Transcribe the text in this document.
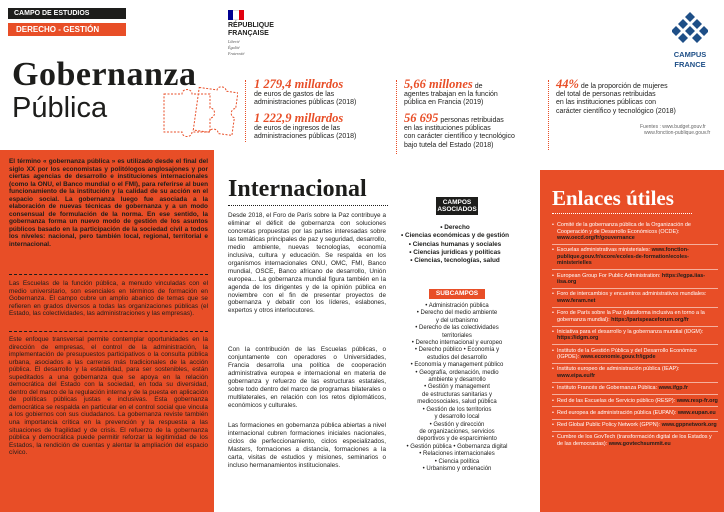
CAMPO DE ESTUDIOS
DERECHO - GESTIÓN
Gobernanza
Pública
RÉPUBLIQUE
FRANÇAISE
Liberté
Égalité
Fraternité	CAMPUS
FRANCE
1 279,4 millardos
de euros de gastos de las
administraciones públicas (2018)
1 222,9 millardos
de euros de ingresos de las
administraciones públicas (2018)
5,66 millones de
agentes trabajan en la función
pública en Francia (2019)
56 695 personas retribuidas
en las instituciones públicas
con carácter científico y tecnológico
bajo tutela del Estado (2018)
44% de la proporción de mujeres
del total de personas retribuidas
en las instituciones públicas con
carácter científico y tecnológico (2018)
Fuentes : www.budget.gouv.fr
www.fonction-publique.gouv.fr

El término « gobernanza pública » es utilizado desde el final del siglo XX por los economistas y politólogos anglosajones y por ciertas agencias de desarrollo e instituciones internacionales (como la ONU, el Banco mundial o el FMI), para referirse al buen funcionamiento de la institución y la calidad de su acción en el espacio social. La gobernanza luego fue asociada a la elaboración de nuevas técnicas de gobernanza y a un modo consensual de formulación de la norma. En ese sentido, la gobernanza forma un nuevo modo de gestión de los asuntos públicos basado en la participación de la sociedad civil a todos los niveles: nacional, pero también local, regional, territorial e internacional.

Las Escuelas de la función pública, a menudo vinculadas con el medio universitario, son esenciales en términos de formación en Gobernanza. El campo cubre un amplio abanico de temas que se refieren en grados diversos a todas las organizaciones públicas (el Estado, las colectividades, las administraciones y las empresas).

Este enfoque transversal permite contemplar oportunidades en la dirección de empresas, el control de la administración, la implementación de presupuestos participativos o la consulta pública urbana, asociados a las carreras más tradicionales de la acción pública. El desarrollo y la estabilidad, para ser sostenibles, están supeditados a una gobernanza que se apoya en la relación democrática del Estado con la sociedad, en toda su diversidad, dentro del marco de la regulación interna y de la puesta en aplicación de políticas públicas justas e inclusivas. Esta gobernanza democrática se respalda en particular en el control social que vincula a los gobiernos con sus ciudadanos. La gobernanza reviste también una importancia crítica en la prevención y la respuesta a las situaciones de fragilidad y de crisis. El refuerzo de la gobernanza pública y democrática puede permitir reforzar la legitimidad de los Estados, la rendición de cuentas y alentar la ampliación del espacio cívico.

Internacional

Desde 2018, el Foro de París sobre la Paz contribuye a eliminar el déficit de gobernanza con soluciones concretas propuestas por las partes interesadas sobre las temáticas principales de paz y seguridad, desarrollo, medio ambiente, nuevas tecnologías, economía inclusiva, cultura y educación. Se respalda en los organismos internacionales ONU, OMC, FMI, Banco mundial, OSCE, Banco africano de desarrollo, Unión europea... La gobernanza mundial figura también en la agenda de los dirigentes y de la opinión pública en noviembre con el fin de presentar proyectos de gobernanza y debatir con los líderes, eslabones, expertos y otros interlocutores.

Con la contribución de las Escuelas públicas, o conjuntamente con operadores o Universidades, Francia desarrolla una política de cooperación administrativa europea e internacional en materia de gobernanza y refuerzo de las estructuras estatales, sobre todo dentro del marco de programas bilaterales o multilaterales, en relación con los retos diplomáticos, económicos y culturales.

Las formaciones en gobernanza pública abiertas a nivel internacional cubren formaciones iniciales nacionales, ciclos de perfeccionamiento, ciclos especializados, Masters, formaciones a distancia, formaciones a la carta, visitas de estudios y misiones, seminarios o incluso hermanamientos institucionales.

CAMPOS
ASOCIADOS
• Derecho
• Ciencias económicas y de gestión
• Ciencias humanas y sociales
• Ciencias jurídicas y políticas
• Ciencias, tecnologías, salud
SUBCAMPOS
• Administración pública
• Derecho del medio ambiente
y del urbanismo
• Derecho de las colectividades
territoriales
• Derecho internacional y europeo
• Derecho público • Economía y
estudios del desarrollo
• Economía y management público
• Geografía, ordenación, medio
ambiente y desarrollo
• Gestión y management
de estructuras sanitarias y
medicosociales, salud pública
• Gestión de los territorios
y desarrollo local
• Gestión y dirección
de organizaciones, servicios
deportivos y de esparcimiento
• Gestión pública • Gobernanza digital
• Relaciones internacionales
• Ciencia política
• Urbanismo y ordenación
Enlaces útiles
• Comité de la gobernanza pública de la Organización de Cooperación y de Desarrollo Económicos (OCDE): www.oecd.org/fr/gouvernance
• Escuelas administrativas ministeriales: www.fonction-publique.gouv.fr/score/ecoles-de-formation/ecoles-ministerielles
• European Group For Public Administration: https://egpa.iias-iisa.org
• Foro de intercambios y encuentros administrativos mundiales: www.feram.net
• Foro de París sobre la Paz (plataforma inclusiva en torno a la gobernanza mundial): https://parispeaceforum.org/fr
• Iniciativa para el desarrollo y la gobernanza mundial (IDGM): https://idgm.org
• Instituto de la Gestión Pública y del Desarrollo Económico (IGPDE): www.economie.gouv.fr/igpde
• Instituto europeo de administración pública (IEAP): www.eipa.eu/fr
• Instituto Francés de Gobernanza Pública: www.ifgp.fr
• Red de las Escuelas de Servicio público (RESP): www.resp-fr.org
• Red europea de administración pública (EUPAN): www.eupan.eu
• Red Global Public Policy Network (GPPN): www.gppnetwork.org
• Cumbre de los GovTech (transformación digital de los Estados y de las democracias): www.govtechsummit.eu
